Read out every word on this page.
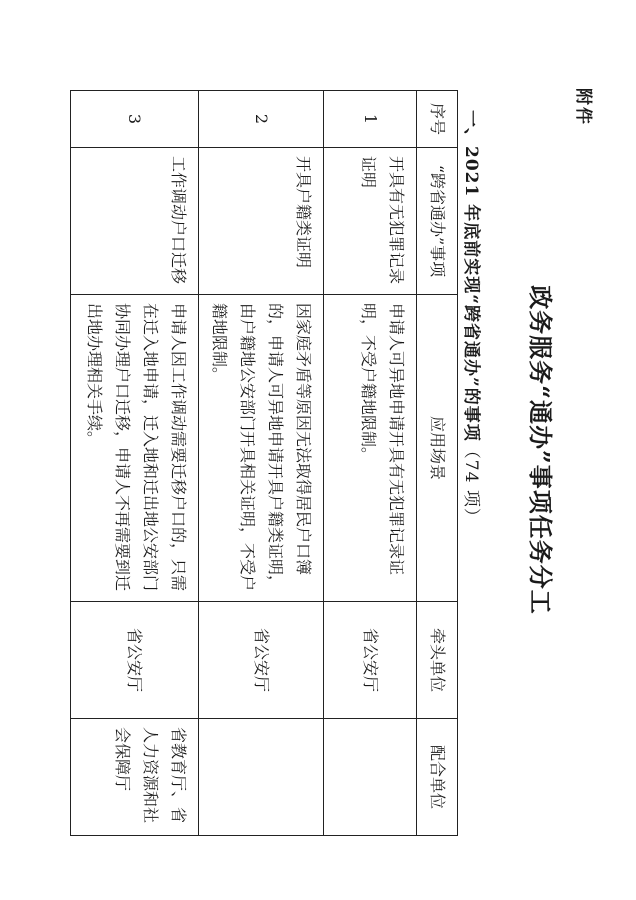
附件
政务服务“通办”事项任务分工
一、2021 年底前实现“跨省通办”的事项（74 项）
序号	“跨省通办”事项	应用场景	牵头单位	配合单位
1	开具有无犯罪记录证明	申请人可异地申请开具有无犯罪记录证明，不受户籍地限制。	省公安厅	
2	开具户籍类证明	因家庭矛盾等原因无法取得居民户口簿的，申请人可异地申请开具户籍类证明，由户籍地公安部门开具相关证明，不受户籍地限制。	省公安厅	
3	工作调动户口迁移	申请人因工作调动需要迁移户口的，只需在迁入地申请，迁入地和迁出地公安部门协同办理户口迁移，申请人不再需要到迁出地办理相关手续。	省公安厅	省教育厅、省人力资源和社会保障厅
